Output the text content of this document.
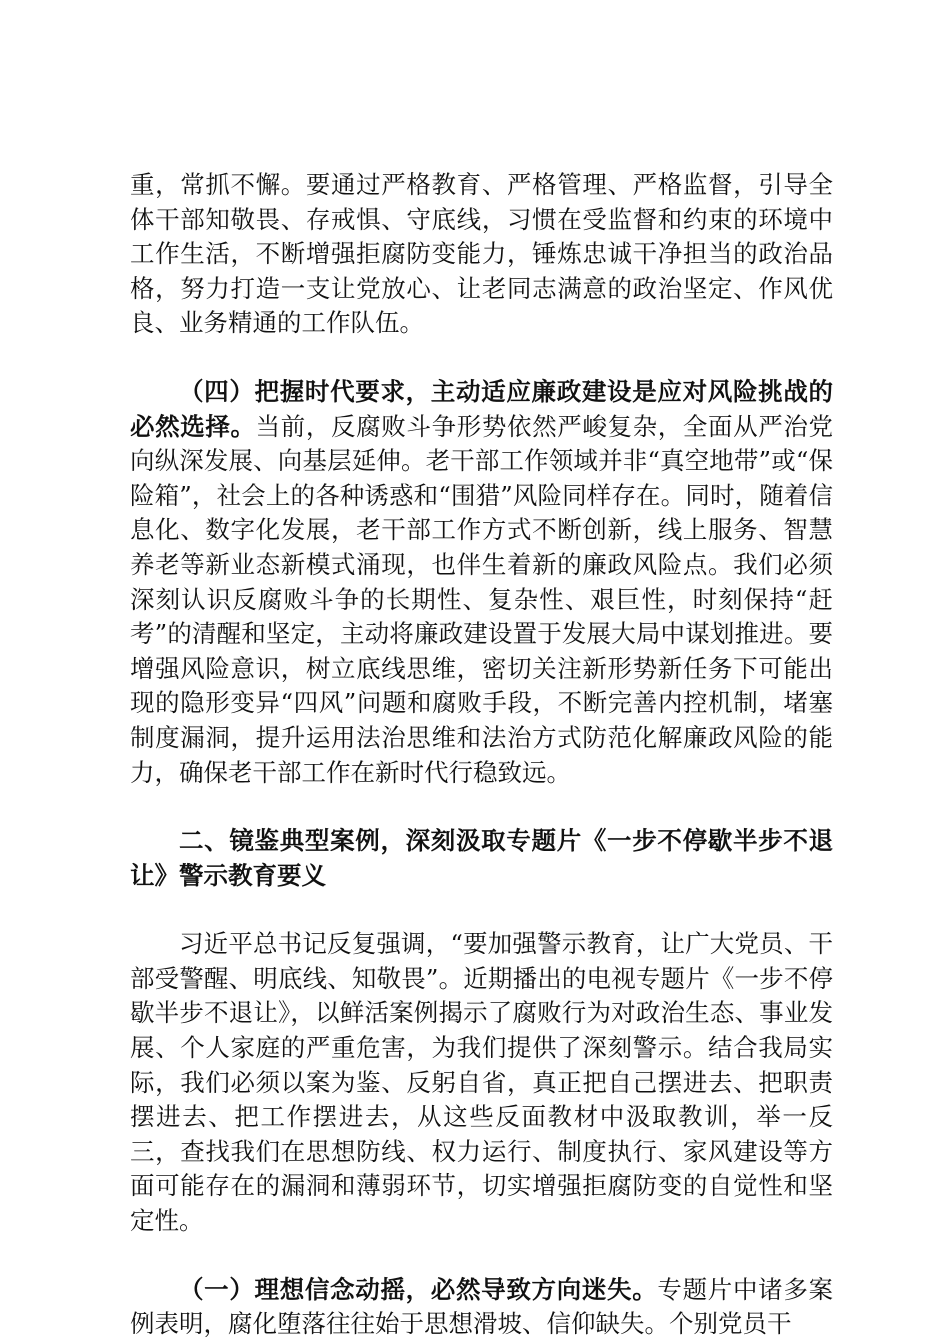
重，常抓不懈。要通过严格教育、严格管理、严格监督，引导全体干部知敬畏、存戒惧、守底线，习惯在受监督和约束的环境中工作生活，不断增强拒腐防变能力，锤炼忠诚干净担当的政治品格，努力打造一支让党放心、让老同志满意的政治坚定、作风优良、业务精通的工作队伍。

（四）把握时代要求，主动适应廉政建设是应对风险挑战的必然选择。当前，反腐败斗争形势依然严峻复杂，全面从严治党向纵深发展、向基层延伸。老干部工作领域并非“真空地带”或“保险箱”，社会上的各种诱惑和“围猎”风险同样存在。同时，随着信息化、数字化发展，老干部工作方式不断创新，线上服务、智慧养老等新业态新模式涌现，也伴生着新的廉政风险点。我们必须深刻认识反腐败斗争的长期性、复杂性、艰巨性，时刻保持“赶考”的清醒和坚定，主动将廉政建设置于发展大局中谋划推进。要增强风险意识，树立底线思维，密切关注新形势新任务下可能出现的隐形变异“四风”问题和腐败手段，不断完善内控机制，堵塞制度漏洞，提升运用法治思维和法治方式防范化解廉政风险的能力，确保老干部工作在新时代行稳致远。

二、镜鉴典型案例，深刻汲取专题片《一步不停歇半步不退让》警示教育要义

习近平总书记反复强调，“要加强警示教育，让广大党员、干部受警醒、明底线、知敬畏”。近期播出的电视专题片《一步不停歇半步不退让》，以鲜活案例揭示了腐败行为对政治生态、事业发展、个人家庭的严重危害，为我们提供了深刻警示。结合我局实际，我们必须以案为鉴、反躬自省，真正把自己摆进去、把职责摆进去、把工作摆进去，从这些反面教材中汲取教训，举一反三，查找我们在思想防线、权力运行、制度执行、家风建设等方面可能存在的漏洞和薄弱环节，切实增强拒腐防变的自觉性和坚定性。

（一）理想信念动摇，必然导致方向迷失。专题片中诸多案例表明，腐化堕落往往始于思想滑坡、信仰缺失。个别党员干
